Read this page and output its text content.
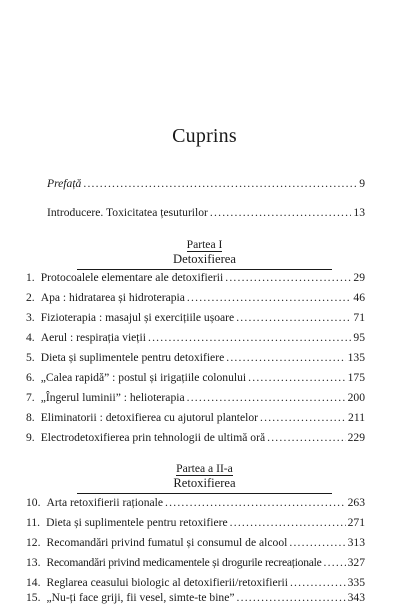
Cuprins
Prefață .....	9
Introducere. Toxicitatea țesuturilor .....	13
Partea I
Detoxifierea
1. Protocoalele elementare ale detoxifierii .....	29
2. Apa : hidratarea și hidroterapia .....	46
3. Fizioterapia : masajul și exercițiile ușoare .....	71
4. Aerul : respirația vieții .....	95
5. Dieta și suplimentele pentru detoxifiere .....	135
6. „Calea rapidă” : postul și irigațiile colonului .....	175
7. „Îngerul luminii” : helioterapia .....	200
8. Eliminatorii : detoxifierea cu ajutorul plantelor .....	211
9. Electrodetoxifierea prin tehnologii de ultimă oră .....	229
Partea a II-a
Retoxifierea
10. Arta retoxifierii raționale .....	263
11. Dieta și suplimentele pentru retoxifiere .....	271
12. Recomandări privind fumatul și consumul de alcool .....	313
13. Recomandări privind medicamentele și drogurile recreaționale ..... 327
14. Reglarea ceasului biologic al detoxifierii/retoxifierii .....	335
15. „Nu-ți face griji, fii vesel, simte-te bine” .....	343
